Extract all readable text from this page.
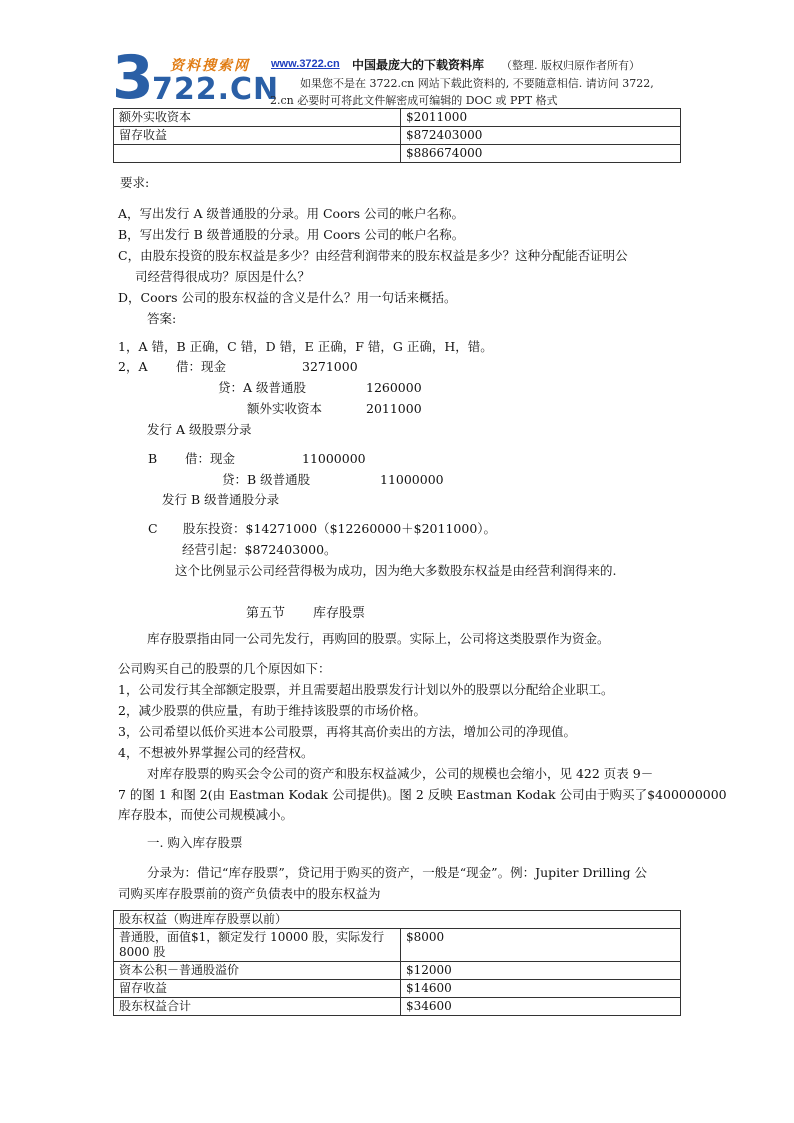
3 722.CN
资料搜索网 www.3722.cn 中国最庞大的下载资料库 （整理. 版权归原作者所有）
如果您不是在 3722.cn 网站下载此资料的, 不要随意相信. 请访问 3722,
2.cn 必要时可将此文件解密成可编辑的 DOC 或 PPT 格式
额外实收资本	$2011000
留存收益	$872403000
	$886674000
要求:
A，写出发行 A 级普通股的分录。用 Coors 公司的帐户名称。
B，写出发行 B 级普通股的分录。用 Coors 公司的帐户名称。
C，由股东投资的股东权益是多少？由经营利润带来的股东权益是多少？这种分配能否证明公
司经营得很成功？原因是什么？
D，Coors 公司的股东权益的含义是什么？用一句话来概括。
答案:
1，A 错，B 正确，C 错，D 错，E 正确，F 错，G 正确，H，错。
2，A 借：现金	3271000
贷：A 级普通股	1260000
额外实收资本	2011000
发行 A 级股票分录
B 借：现金	11000000
贷：B 级普通股	11000000
发行 B 级普通股分录
C 股东投资：$14271000（$12260000＋$2011000）。
经营引起：$872403000。
这个比例显示公司经营得极为成功，因为绝大多数股东权益是由经营利润得来的.
第五节 库存股票
库存股票指由同一公司先发行，再购回的股票。实际上，公司将这类股票作为资金。
公司购买自己的股票的几个原因如下：
1，公司发行其全部额定股票，并且需要超出股票发行计划以外的股票以分配给企业职工。
2，减少股票的供应量，有助于维持该股票的市场价格。
3，公司希望以低价买进本公司股票，再将其高价卖出的方法，增加公司的净现值。
4，不想被外界掌握公司的经营权。
对库存股票的购买会令公司的资产和股东权益减少，公司的规模也会缩小，见 422 页表 9－
7 的图 1 和图 2(由 Eastman Kodak 公司提供)。图 2 反映 Eastman Kodak 公司由于购买了$400000000
库存股本，而使公司规模减小。
一. 购入库存股票
分录为：借记“库存股票”，贷记用于购买的资产，一般是“现金”。例：Jupiter Drilling 公
司购买库存股票前的资产负债表中的股东权益为
股东权益（购进库存股票以前）	
普通股，面值$1，额定发行 10000 股，实际发行 8000 股	$8000
资本公积－普通股溢价	$12000
留存收益	$14600
股东权益合计	$34600
